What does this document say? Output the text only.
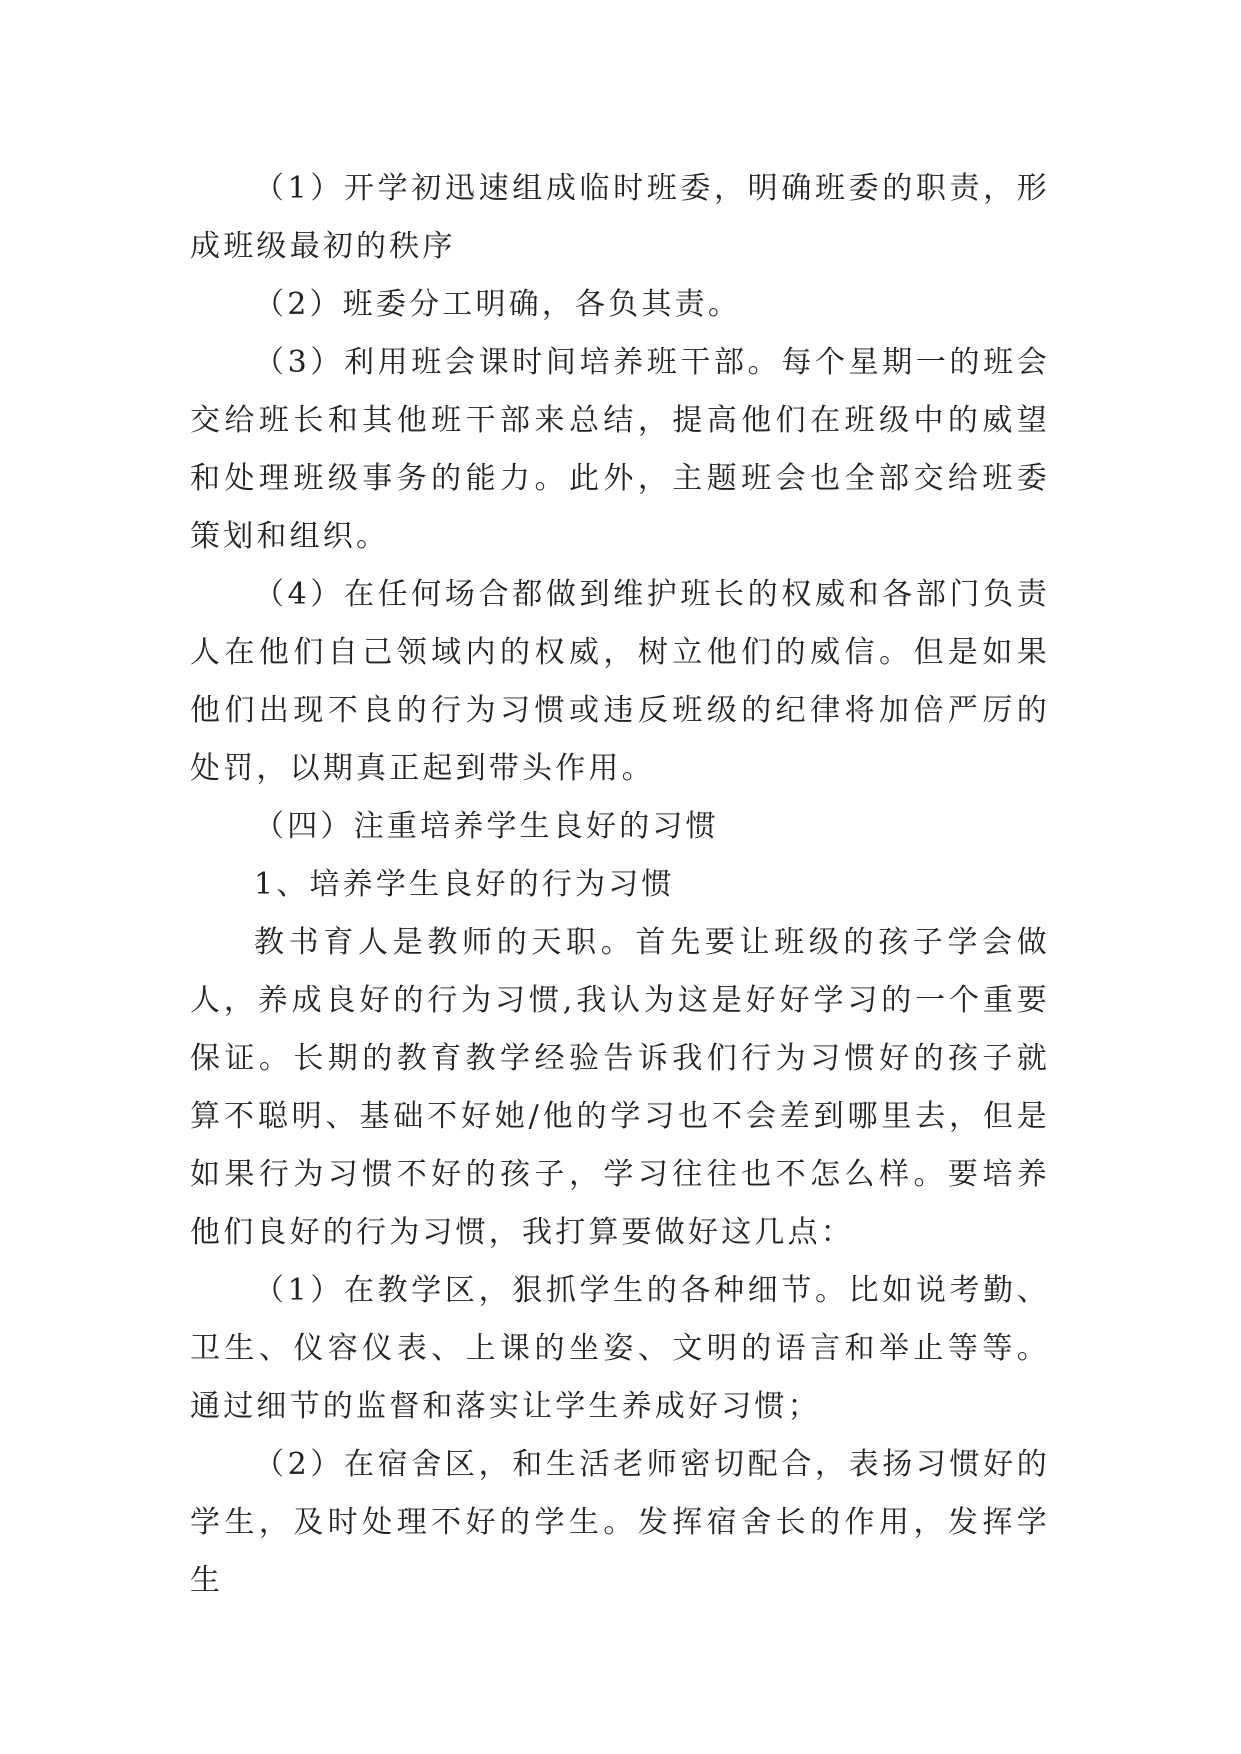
（1）开学初迅速组成临时班委，明确班委的职责，形成班级最初的秩序

（2）班委分工明确，各负其责。

（3）利用班会课时间培养班干部。每个星期一的班会交给班长和其他班干部来总结，提高他们在班级中的威望和处理班级事务的能力。此外，主题班会也全部交给班委策划和组织。

（4）在任何场合都做到维护班长的权威和各部门负责人在他们自己领域内的权威，树立他们的威信。但是如果他们出现不良的行为习惯或违反班级的纪律将加倍严厉的处罚，以期真正起到带头作用。

（四）注重培养学生良好的习惯

1、培养学生良好的行为习惯

教书育人是教师的天职。首先要让班级的孩子学会做人，养成良好的行为习惯,我认为这是好好学习的一个重要保证。长期的教育教学经验告诉我们行为习惯好的孩子就算不聪明、基础不好她/他的学习也不会差到哪里去，但是如果行为习惯不好的孩子，学习往往也不怎么样。要培养他们良好的行为习惯，我打算要做好这几点：

（1）在教学区，狠抓学生的各种细节。比如说考勤、卫生、仪容仪表、上课的坐姿、文明的语言和举止等等。通过细节的监督和落实让学生养成好习惯；

（2）在宿舍区，和生活老师密切配合，表扬习惯好的学生，及时处理不好的学生。发挥宿舍长的作用，发挥学生
